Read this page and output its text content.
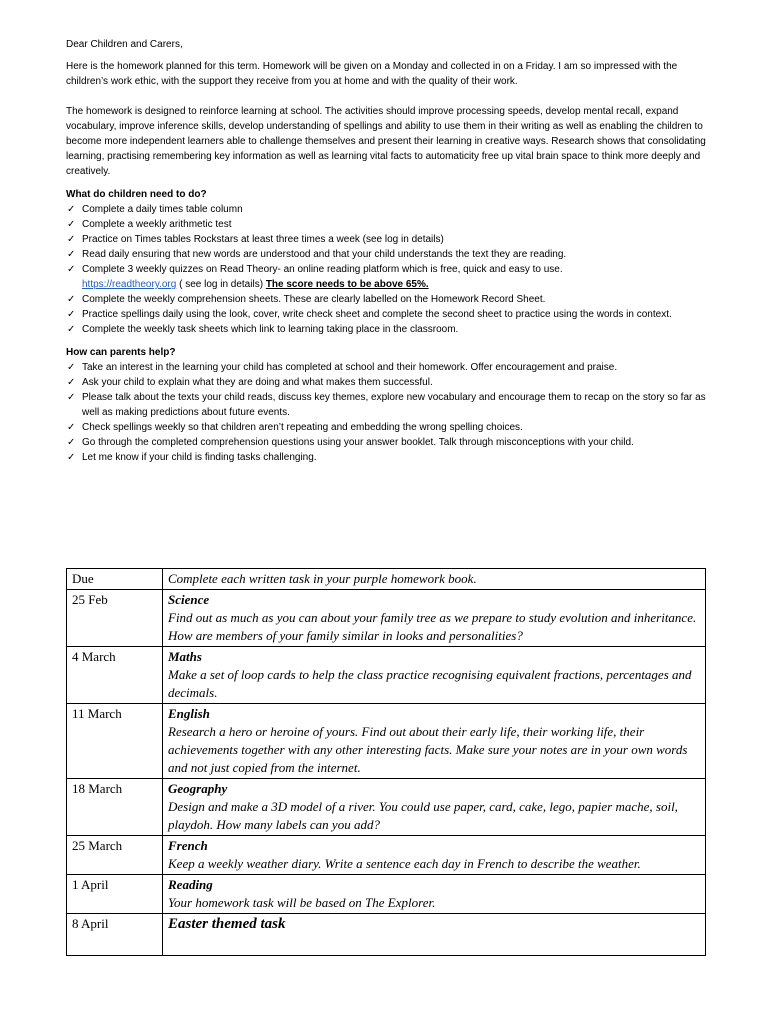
Dear Children and Carers,

Here is the homework planned for this term. Homework will be given on a Monday and collected in on a Friday. I am so impressed with the children’s work ethic, with the support they receive from you at home and with the quality of their work.

The homework is designed to reinforce learning at school. The activities should improve processing speeds, develop mental recall, expand vocabulary, improve inference skills, develop understanding of spellings and ability to use them in their writing as well as enabling the children to become more independent learners able to challenge themselves and present their learning in creative ways. Research shows that consolidating learning, practising remembering key information as well as learning vital facts to automaticity free up vital brain space to think more deeply and creatively.

What do children need to do?

✓ Complete a daily times table column
✓ Complete a weekly arithmetic test
✓ Practice on Times tables Rockstars at least three times a week (see log in details)
✓ Read daily ensuring that new words are understood and that your child understands the text they are reading.
✓ Complete 3 weekly quizzes on Read Theory- an online reading platform which is free, quick and easy to use.
https://readtheory.org ( see log in details) The score needs to be above 65%.
✓ Complete the weekly comprehension sheets. These are clearly labelled on the Homework Record Sheet.
✓ Practice spellings daily using the look, cover, write check sheet and complete the second sheet to practice using the words in context.
✓ Complete the weekly task sheets which link to learning taking place in the classroom.

How can parents help?

✓ Take an interest in the learning your child has completed at school and their homework. Offer encouragement and praise.
✓ Ask your child to explain what they are doing and what makes them successful.
✓ Please talk about the texts your child reads, discuss key themes, explore new vocabulary and encourage them to recap on the story so far as well as making predictions about future events.
✓ Check spellings weekly so that children aren’t repeating and embedding the wrong spelling choices.
✓ Go through the completed comprehension questions using your answer booklet. Talk through misconceptions with your child.
✓ Let me know if your child is finding tasks challenging.
Due	Complete each written task in your purple homework book.
25 Feb	Science
Find out as much as you can about your family tree as we prepare to study evolution and inheritance. How are members of your family similar in looks and personalities?

4 March	Maths
Make a set of loop cards to help the class practice recognising equivalent fractions, percentages and decimals.

11 March	English
Research a hero or heroine of yours. Find out about their early life, their working life, their achievements together with any other interesting facts. Make sure your notes are in your own words and not just copied from the internet.

18 March	Geography
Design and make a 3D model of a river. You could use paper, card, cake, lego, papier mache, soil, playdoh. How many labels can you add?

25 March	French
Keep a weekly weather diary. Write a sentence each day in French to describe the weather.

1 April	Reading
Your homework task will be based on The Explorer.

8 April	Easter themed task
